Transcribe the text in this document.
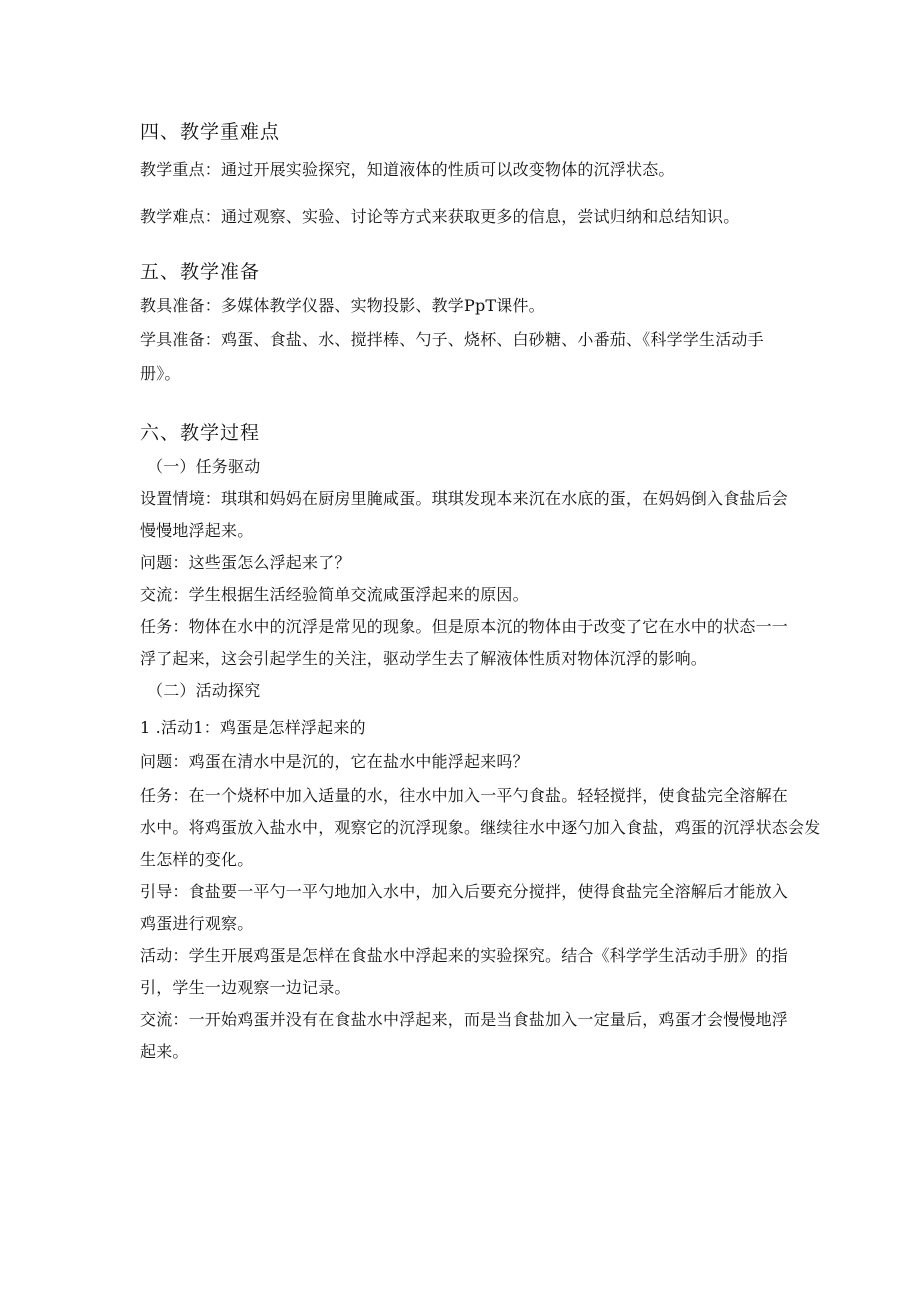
四、教学重难点
教学重点：通过开展实验探究，知道液体的性质可以改变物体的沉浮状态。
教学难点：通过观察、实验、讨论等方式来获取更多的信息，尝试归纳和总结知识。
五、教学准备
教具准备：多媒体教学仪器、实物投影、教学PpT课件。
学具准备：鸡蛋、食盐、水、搅拌棒、勺子、烧杯、白砂糖、小番茄、《科学学生活动手
册》。
六、教学过程
（一）任务驱动
设置情境：琪琪和妈妈在厨房里腌咸蛋。琪琪发现本来沉在水底的蛋，在妈妈倒入食盐后会
慢慢地浮起来。
问题：这些蛋怎么浮起来了？
交流：学生根据生活经验简单交流咸蛋浮起来的原因。
任务：物体在水中的沉浮是常见的现象。但是原本沉的物体由于改变了它在水中的状态一一
浮了起来，这会引起学生的关注，驱动学生去了解液体性质对物体沉浮的影响。
（二）活动探究
1 .活动1：鸡蛋是怎样浮起来的
问题：鸡蛋在清水中是沉的，它在盐水中能浮起来吗？
任务：在一个烧杯中加入适量的水，往水中加入一平勺食盐。轻轻搅拌，使食盐完全溶解在
水中。将鸡蛋放入盐水中，观察它的沉浮现象。继续往水中逐勺加入食盐，鸡蛋的沉浮状态会发
生怎样的变化。
引导：食盐要一平勺一平勺地加入水中，加入后要充分搅拌，使得食盐完全溶解后才能放入
鸡蛋进行观察。
活动：学生开展鸡蛋是怎样在食盐水中浮起来的实验探究。结合《科学学生活动手册》的指
引，学生一边观察一边记录。
交流：一开始鸡蛋并没有在食盐水中浮起来，而是当食盐加入一定量后，鸡蛋才会慢慢地浮
起来。
